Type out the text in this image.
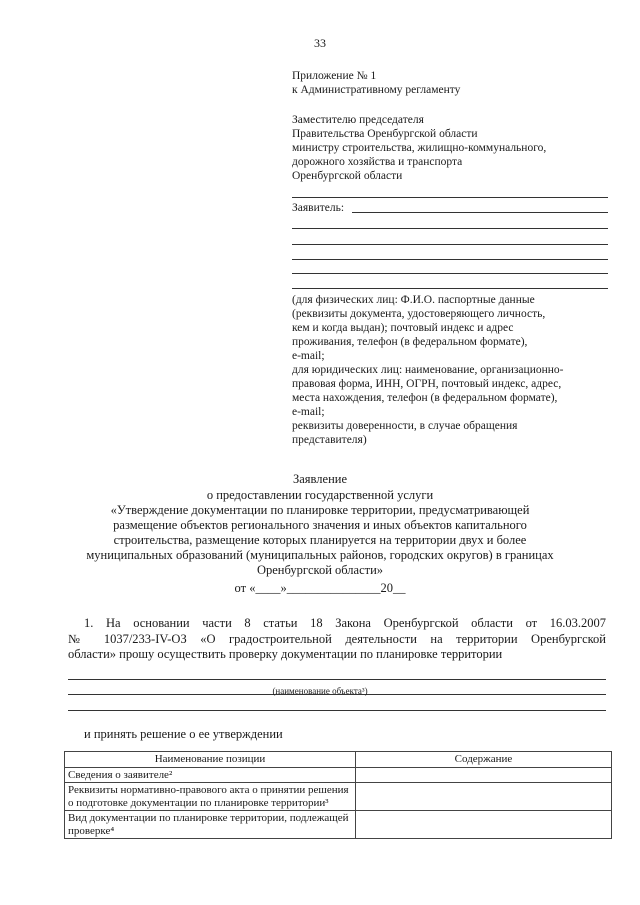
33
Приложение № 1
к Административному регламенту
Заместителю председателя
Правительства Оренбургской области
министру строительства, жилищно-коммунального,
дорожного хозяйства и транспорта
Оренбургской области
Заявитель:
(для физических лиц: Ф.И.О. паспортные данные
(реквизиты документа, удостоверяющего личность,
кем и когда выдан); почтовый индекс и адрес
проживания, телефон (в федеральном формате),
e-mail;
для юридических лиц: наименование, организационно-
правовая форма, ИНН, ОГРН, почтовый индекс, адрес,
места нахождения, телефон (в федеральном формате),
e-mail;
реквизиты доверенности, в случае обращения
представителя)
Заявление
о предоставлении государственной услуги
«Утверждение документации по планировке территории, предусматривающей
размещение объектов регионального значения и иных объектов капитального
строительства, размещение которых планируется на территории двух и более
муниципальных образований (муниципальных районов, городских округов) в границах
Оренбургской области»
от «____»_______________20__
1. На основании части 8 статьи 18 Закона Оренбургской области от 16.03.2007
№ 1037/233-IV-ОЗ «О градостроительной деятельности на территории Оренбургской
области» прошу осуществить проверку документации по планировке территории
(наименование объекта³)
и принять решение о ее утверждении
Наименование позиции	Содержание
Сведения о заявителе²	
Реквизиты нормативно-правового акта о принятии решения о подготовке документации по планировке территории³	
Вид документации по планировке территории, подлежащей проверке⁴	
